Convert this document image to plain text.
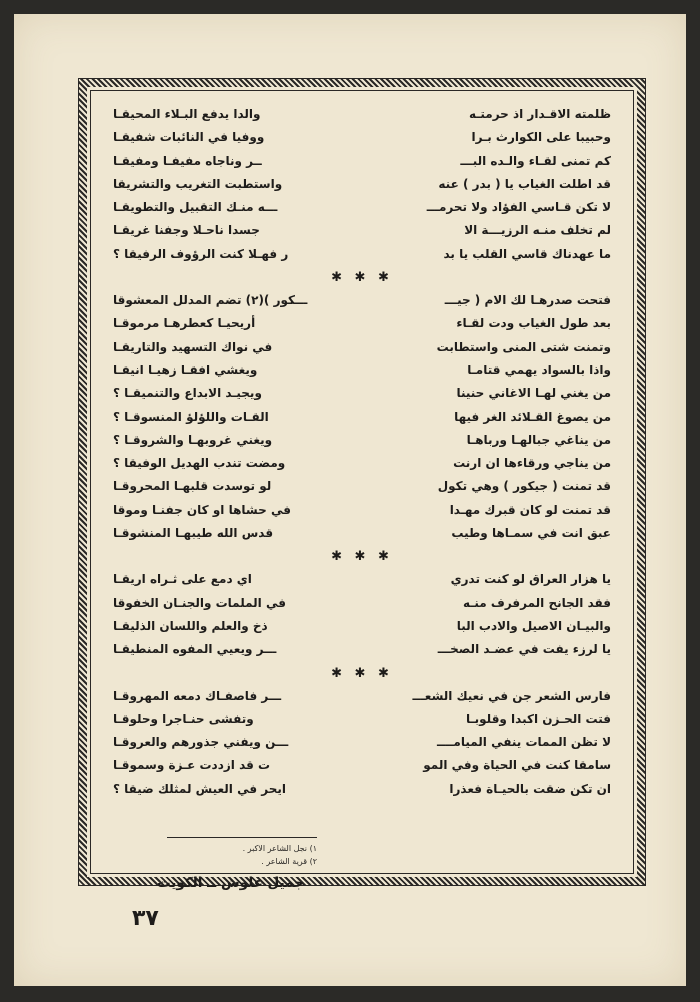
ظلمته الاقـدار اذ حرمتـه
والدا يدفع البـلاء المحيقـا
وحبيبا على الكوارث بـرا
ووفيا في النائبات شفيقـا
كم تمنى لقـاء والـده البـــ
ــر وناجاه مفيفـا ومفيقـا
قد اطلت الغياب يا ( بدر ) عنه
واستطبت التغريب والتشريقا
لا تكن قـاسي الفؤاد ولا تحرمـــ
ـــه منـك التقبيل والتطويقـا
لم تخلف منـه الرزيـــة الا
جسدا ناحـلا وجفنا غريقـا
ما عهدناك قاسي القلب يا بد
ر فهـلا كنت الرؤوف الرفيقا ؟
✱ ✱ ✱
فتحت صدرهـا لك الام ( جيـــ
ـــكور )(٢) تضم المدلل المعشوقا
بعد طول الغياب ودت لقـاء
أريحيـا كعطرهـا مرموقـا
وتمنت شتى المنى واستطابت
في نواك التسهيد والتاريقـا
واذا بالسواد يهمي قتامـا
ويغشي افقـا زهيـا انيقـا
من يغني لهـا الاغاني حنينا
ويجيـد الابداع والتنميقـا ؟
من يصوغ القـلائد الغر فيها
القـات واللؤلؤ المنسوقـا ؟
من يناغي جبالهـا ورباهـا
ويغني غروبهـا والشروقـا ؟
من يناجي ورقاءها ان ارنت
ومضت تندب الهديل الوفيقا ؟
قد تمنت ( جيكور ) وهي تكول
لو توسدت قلبهـا المحروقـا
قد تمنت لو كان قبرك مهـدا
في حشاها او كان جفنـا وموقا
عبق انت في سمـاها وطيب
قدس الله طيبهـا المنشوقـا
✱ ✱ ✱
يا هزار العراق لو كنت تدري
اي دمع على ثـراه اريقـا
فقد الجانح المرفرف منـه
في الملمات والجنـان الخفوقا
والبيـان الاصيل والادب البا
ذخ والعلم واللسان الذليقـا
يا لرزء يفت في عضـد الصخـــ
ـــر ويعيي المفوه المنطيقـا
✱ ✱ ✱
فارس الشعر جن في نعيك الشعـــ
ـــر فاصفـاك دمعه المهروقـا
فتت الحـزن اكبدا وقلوبـا
وتفشى حنـاجرا وحلوقـا
لا تظن الممات ينفي الميامــــ
ـــن ويفني جذورهم والعروقـا
سامقا كنت في الحياة وفي المو
ت قد ازددت عـزة وسموقـا
ان تكن ضقت بالحيـاة فعذرا
ايحر في العيش لمثلك ضيقا ؟
١) نجل الشاعر الاكبر .
٢) قرية الشاعر .
جميل علوش ــ الكويت
٣٧
